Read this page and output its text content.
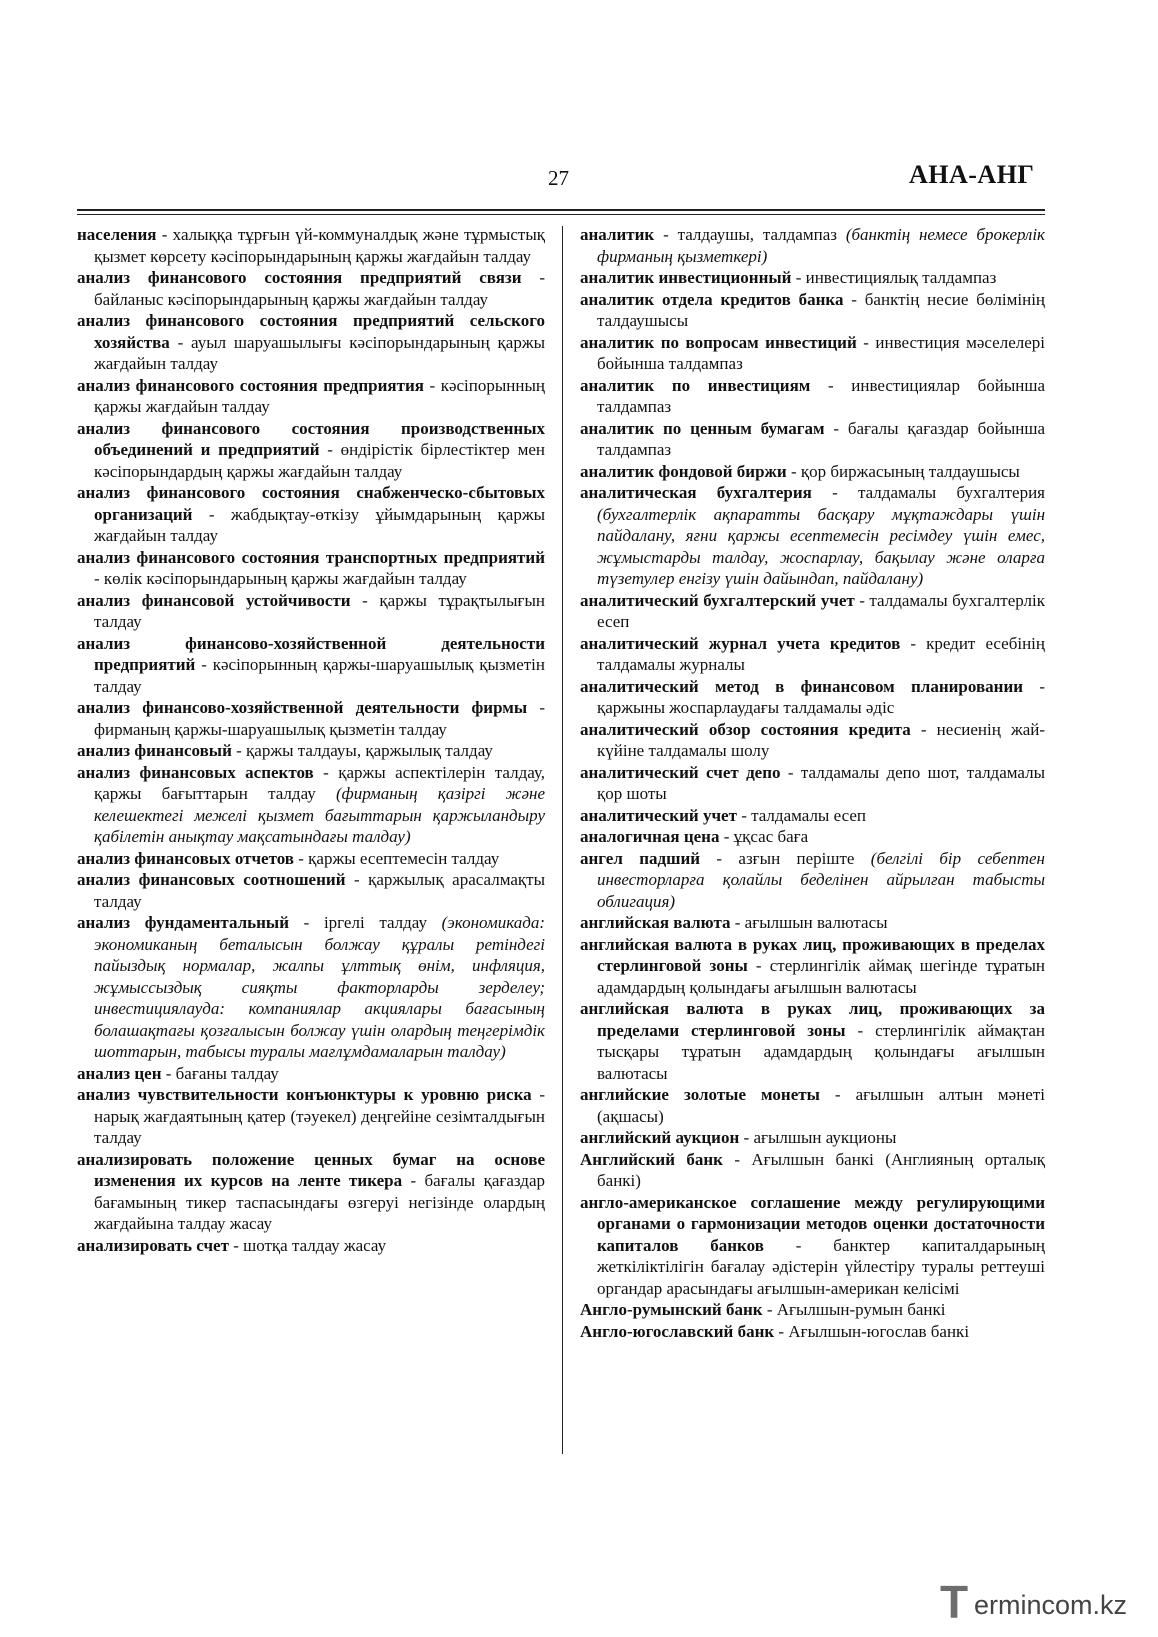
27	АНА-АНГ
населения - халыққа тұрғын үй-коммуналдық және тұрмыстық қызмет көрсету кәсіпорындарының қаржы жағдайын талдау
анализ финансового состояния предприятий связи - байланыс кәсіпорындарының қаржы жағдайын талдау
анализ финансового состояния предприятий сельского хозяйства - ауыл шаруашылығы кәсіпорындарының қаржы жағдайын талдау
анализ финансового состояния предприятия - кәсіпорынның қаржы жағдайын талдау
анализ финансового состояния производственных объединений и предприятий - өндірістік бірлестіктер мен кәсіпорындардың қаржы жағдайын талдау
анализ финансового состояния снабженческо-сбытовых организаций - жабдықтау-өткізу ұйымдарының қаржы жағдайын талдау
анализ финансового состояния транспортных предприятий - көлік кәсіпорындарының қаржы жағдайын талдау
анализ финансовой устойчивости - қаржы тұрақтылығын талдау
анализ финансово-хозяйственной деятельности предприятий - кәсіпорынның қаржы-шаруашылық қызметін талдау
анализ финансово-хозяйственной деятельности фирмы - фирманың қаржы-шаруашылық қызметін талдау
анализ финансовый - қаржы талдауы, қаржылық талдау
анализ финансовых аспектов - қаржы аспектілерін талдау, қаржы бағыттарын талдау (фирманың қазіргі және келешектегі межелі қызмет бағыттарын қаржыландыру қабілетін анықтау мақсатындағы талдау)
анализ финансовых отчетов - қаржы есептемесін талдау
анализ финансовых соотношений - қаржылық арасалмақты талдау
анализ фундаментальный - іргелі талдау (экономикада: экономиканың беталысын болжау құралы ретіндегі пайыздық нормалар, жалпы ұлттық өнім, инфляция, жұмыссыздық сияқты факторларды зерделеу; инвестициялауда: компаниялар акциялары бағасының болашақтағы қозғалысын болжау үшін олардың теңгерімдік шоттарын, табысы туралы мағлұмдамаларын талдау)
анализ цен - бағаны талдау
анализ чувствительности конъюнктуры к уровню риска - нарық жағдаятының қатер (тәуекел) деңгейіне сезімталдығын талдау
анализировать положение ценных бумаг на основе изменения их курсов на ленте тикера - бағалы қағаздар бағамының тикер таспасындағы өзгеруі негізінде олардың жағдайына талдау жасау
анализировать счет - шотқа талдау жасау
аналитик - талдаушы, талдампаз (банктің немесе брокерлік фирманың қызметкері)
аналитик инвестиционный - инвестициялық талдампаз
аналитик отдела кредитов банка - банктің несие бөлімінің талдаушысы
аналитик по вопросам инвестиций - инвестиция мәселелері бойынша талдампаз
аналитик по инвестициям - инвестициялар бойынша талдампаз
аналитик по ценным бумагам - бағалы қағаздар бойынша талдампаз
аналитик фондовой биржи - қор биржасының талдаушысы
аналитическая бухгалтерия - талдамалы бухгалтерия (бухгалтерлік ақпаратты басқару мұқтаждары үшін пайдалану, яғни қаржы есептемесін ресімдеу үшін емес, жұмыстарды талдау, жоспарлау, бақылау және оларға түзетулер енгізу үшін дайындап, пайдалану)
аналитический бухгалтерский учет - талдамалы бухгалтерлік есеп
аналитический журнал учета кредитов - кредит есебінің талдамалы журналы
аналитический метод в финансовом планировании - қаржыны жоспарлаудағы талдамалы әдіс
аналитический обзор состояния кредита - несиенің жай-күйіне талдамалы шолу
аналитический счет депо - талдамалы депо шот, талдамалы қор шоты
аналитический учет - талдамалы есеп
аналогичная цена - ұқсас баға
ангел падший - азғын періште (белгілі бір себептен инвесторларға қолайлы беделінен айрылған табысты облигация)
английская валюта - ағылшын валютасы
английская валюта в руках лиц, проживающих в пределах стерлинговой зоны - стерлингілік аймақ шегінде тұратын адамдардың қолындағы ағылшын валютасы
английская валюта в руках лиц, проживающих за пределами стерлинговой зоны - стерлингілік аймақтан тысқары тұратын адамдардың қолындағы ағылшын валютасы
английские золотые монеты - ағылшын алтын мәнеті (ақшасы)
английский аукцион - ағылшын аукционы
Английский банк - Ағылшын банкі (Англияның орталық банкі)
англо-американское соглашение между регулирующими органами о гармонизации методов оценки достаточности капиталов банков - банктер капиталдарының жеткіліктілігін бағалау әдістерін үйлестіру туралы реттеуші органдар арасындағы ағылшын-американ келісімі
Англо-румынский банк - Ағылшын-румын банкі
Англо-югославский банк - Ағылшын-югослав банкі
T ermincom.kz
